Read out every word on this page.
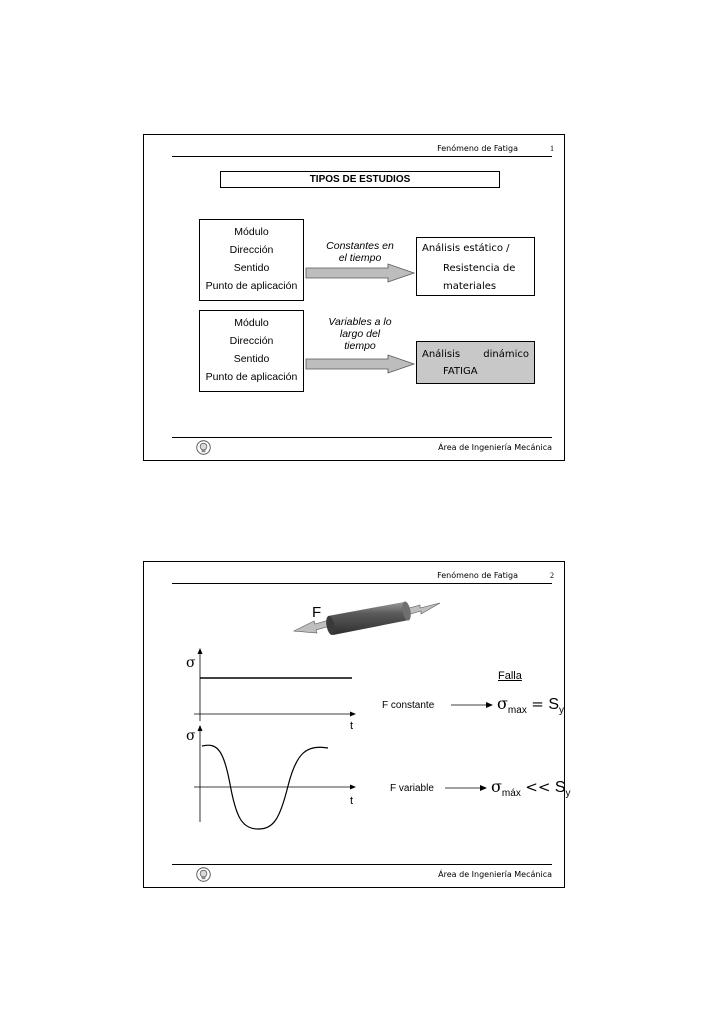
Fenómeno de Fatiga	1
TIPOS DE ESTUDIOS
Módulo
Dirección
Sentido
Punto de aplicación
Constantes en
el tiempo
Análisis estático /
Resistencia de
materiales
Módulo
Dirección
Sentido
Punto de aplicación
Variables a lo
largo del
tiempo
Análisis dinámico
FATIGA
Área de Ingeniería Mecánica
Fenómeno de Fatiga	2
F
σ
t
σ
t
Falla
F constante	$\sigma_{max} = S_y$
F variable	$\sigma_{máx} << S_y$
Área de Ingeniería Mecánica
